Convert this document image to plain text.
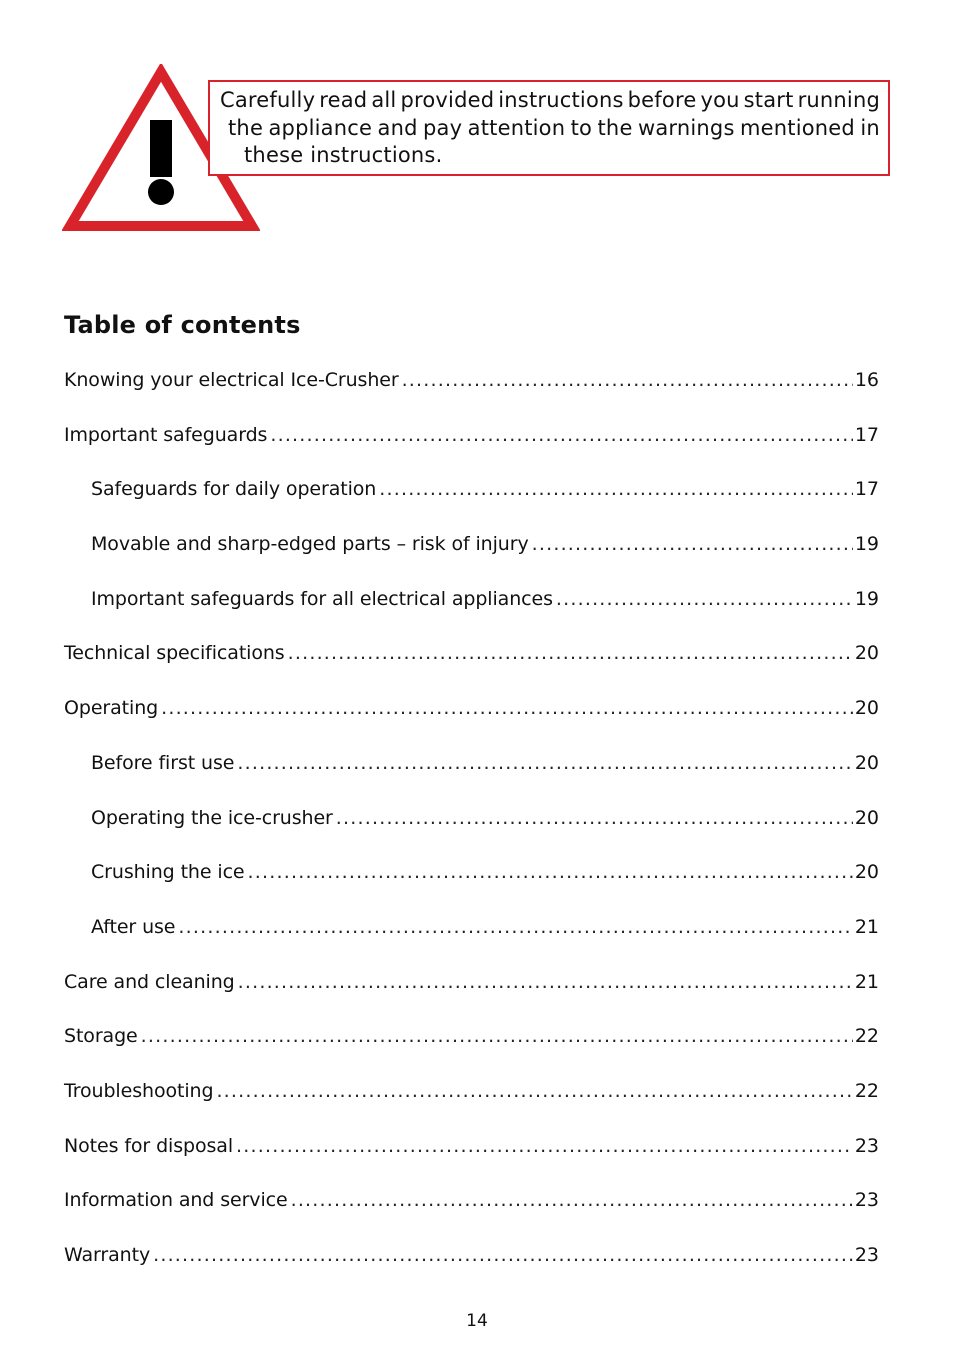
Carefully read all provided instructions before you start running
the appliance and pay attention to the warnings mentioned in
these instructions.
Table of contents
Knowing your electrical Ice-Crusher .....	16
Important safeguards .....	17
Safeguards for daily operation .....	17
Movable and sharp-edged parts – risk of injury .....	19
Important safeguards for all electrical appliances .....	19
Technical specifications .....	20
Operating .....	20
Before first use .....	20
Operating the ice-crusher .....	20
Crushing the ice .....	20
After use .....	21
Care and cleaning .....	21
Storage .....	22
Troubleshooting .....	22
Notes for disposal .....	23
Information and service .....	23
Warranty .....	23
14
